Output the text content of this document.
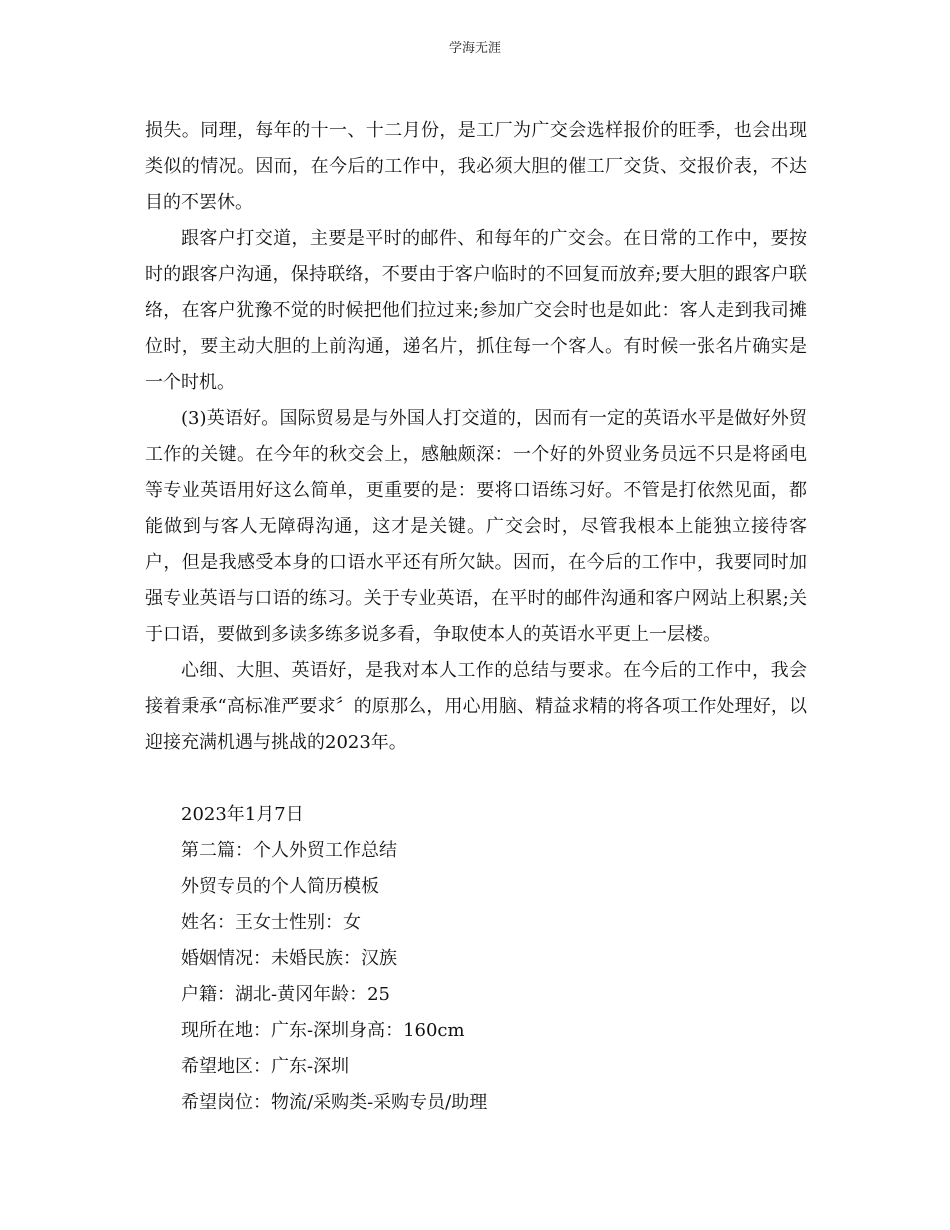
学海无涯

损失。同理，每年的十一、十二月份，是工厂为广交会选样报价的旺季，也会出现类似的情况。因而，在今后的工作中，我必须大胆的催工厂交货、交报价表，不达目的不罢休。

跟客户打交道，主要是平时的邮件、和每年的广交会。在日常的工作中，要按时的跟客户沟通，保持联络，不要由于客户临时的不回复而放弃;要大胆的跟客户联络，在客户犹豫不觉的时候把他们拉过来;参加广交会时也是如此：客人走到我司摊位时，要主动大胆的上前沟通，递名片，抓住每一个客人。有时候一张名片确实是一个时机。

(3)英语好。国际贸易是与外国人打交道的，因而有一定的英语水平是做好外贸工作的关键。在今年的秋交会上，感触颇深：一个好的外贸业务员远不只是将函电等专业英语用好这么简单，更重要的是：要将口语练习好。不管是打依然见面，都能做到与客人无障碍沟通，这才是关键。广交会时，尽管我根本上能独立接待客户，但是我感受本身的口语水平还有所欠缺。因而，在今后的工作中，我要同时加强专业英语与口语的练习。关于专业英语，在平时的邮件沟通和客户网站上积累;关于口语，要做到多读多练多说多看，争取使本人的英语水平更上一层楼。

心细、大胆、英语好，是我对本人工作的总结与要求。在今后的工作中，我会接着秉承“高标准严要求〞的原那么，用心用脑、精益求精的将各项工作处理好，以迎接充满机遇与挑战的2023年。

2023年1月7日
第二篇：个人外贸工作总结
外贸专员的个人简历模板
姓名：王女士性别：女
婚姻情况：未婚民族：汉族
户籍：湖北-黄冈年龄：25
现所在地：广东-深圳身高：160cm
希望地区：广东-深圳
希望岗位：物流/采购类-采购专员/助理
